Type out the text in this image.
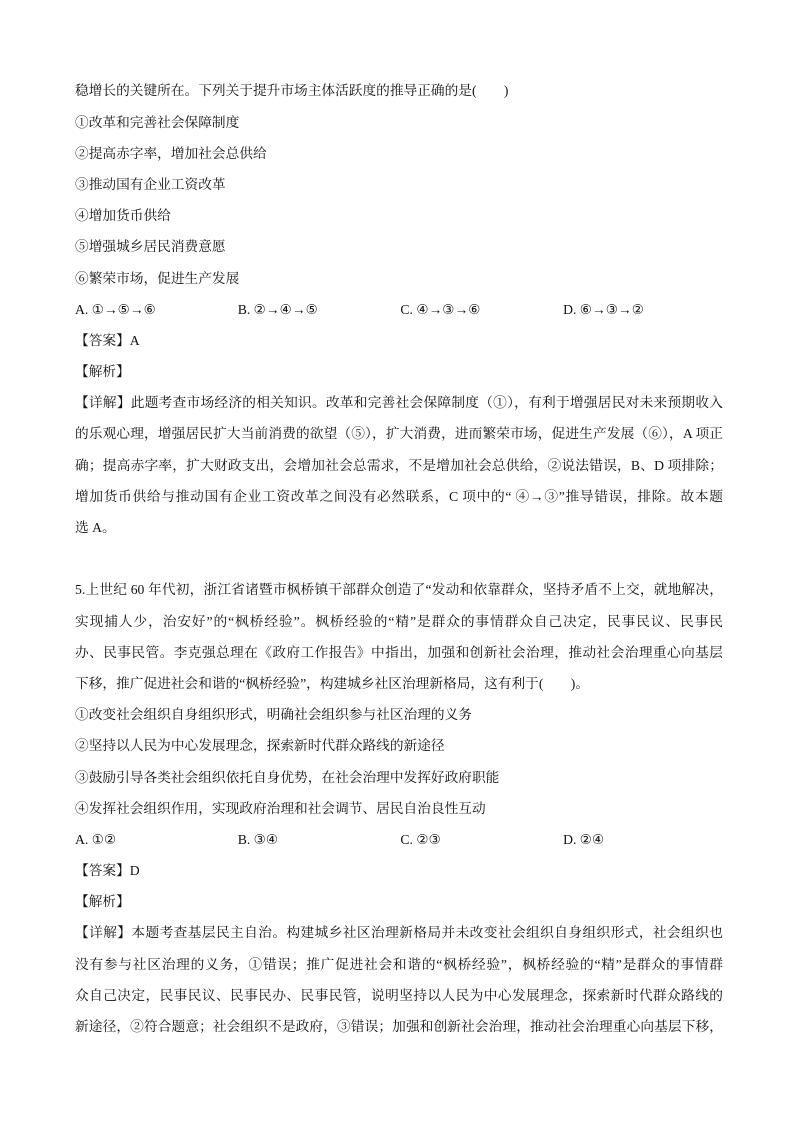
稳增长的关键所在。下列关于提升市场主体活跃度的推导正确的是(　　)
①改革和完善社会保障制度
②提高赤字率，增加社会总供给
③推动国有企业工资改革
④增加货币供给
⑤增强城乡居民消费意愿
⑥繁荣市场，促进生产发展
A. ①→⑤→⑥	B. ②→④→⑤	C. ④→③→⑥	D. ⑥→③→②
【答案】A
【解析】
【详解】此题考查市场经济的相关知识。改革和完善社会保障制度（①），有利于增强居民对未来预期收入
的乐观心理，增强居民扩大当前消费的欲望（⑤），扩大消费，进而繁荣市场，促进生产发展（⑥），A 项正
确；提高赤字率，扩大财政支出，会增加社会总需求，不是增加社会总供给，②说法错误，B、D 项排除；
增加货币供给与推动国有企业工资改革之间没有必然联系，C 项中的“ ④→③”推导错误，排除。故本题
选 A。
5.上世纪 60 年代初，浙江省诸暨市枫桥镇干部群众创造了“发动和依靠群众，坚持矛盾不上交，就地解决，
实现捕人少，治安好”的“枫桥经验”。枫桥经验的“精”是群众的事情群众自己决定，民事民议、民事民
办、民事民管。李克强总理在《政府工作报告》中指出，加强和创新社会治理，推动社会治理重心向基层
下移，推广促进社会和谐的“枫桥经验”，构建城乡社区治理新格局，这有利于(　　)。
①改变社会组织自身组织形式，明确社会组织参与社区治理的义务
②坚持以人民为中心发展理念，探索新时代群众路线的新途径
③鼓励引导各类社会组织依托自身优势，在社会治理中发挥好政府职能
④发挥社会组织作用，实现政府治理和社会调节、居民自治良性互动
A. ①②	B. ③④	C. ②③	D. ②④
【答案】D
【解析】
【详解】本题考查基层民主自治。构建城乡社区治理新格局并未改变社会组织自身组织形式，社会组织也
没有参与社区治理的义务，①错误；推广促进社会和谐的“枫桥经验”，枫桥经验的“精”是群众的事情群
众自己决定，民事民议、民事民办、民事民管，说明坚持以人民为中心发展理念，探索新时代群众路线的
新途径，②符合题意；社会组织不是政府，③错误；加强和创新社会治理，推动社会治理重心向基层下移，
